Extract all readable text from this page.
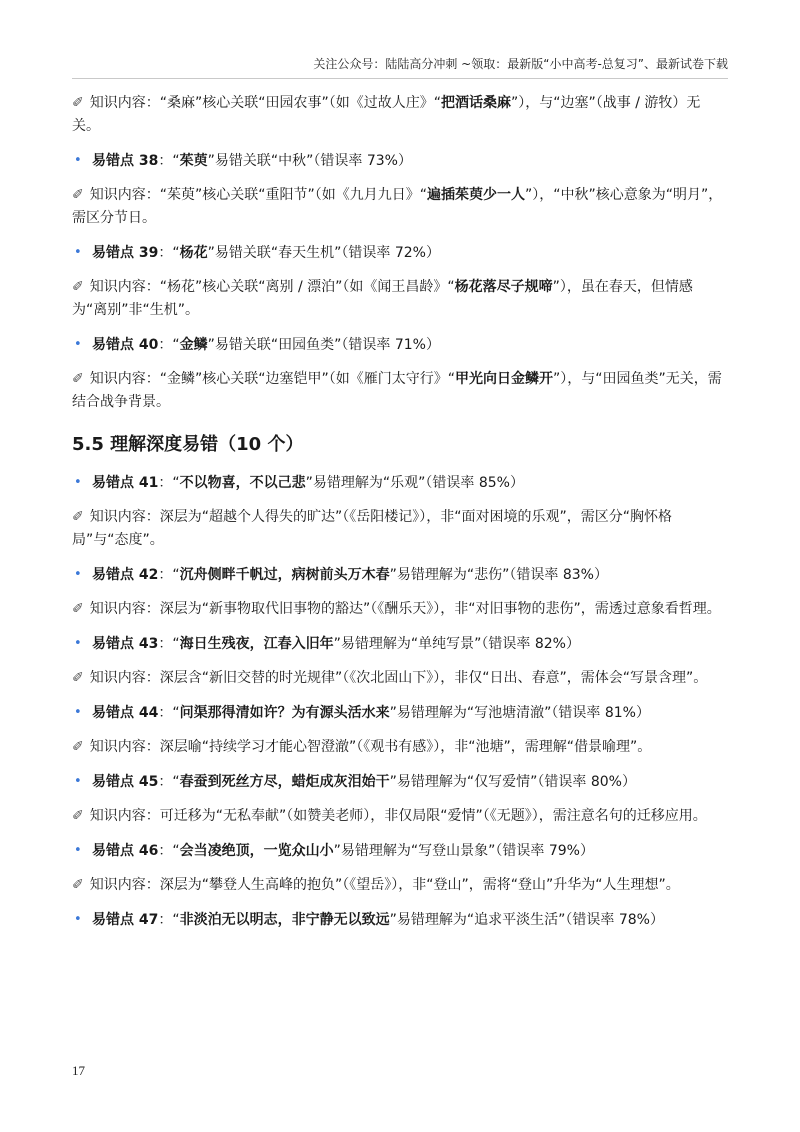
关注公众号：陆陆高分冲刺 ~领取：最新版“小中高考-总复习”、最新试卷下载

✐ 知识内容：“桑麻”核心关联“田园农事”（如《过故人庄》“把酒话桑麻”），与“边塞”（战事 / 游牧）无关。

• 易错点 38：“茱萸”易错关联“中秋”（错误率 73%）

✐ 知识内容：“茱萸”核心关联“重阳节”（如《九月九日》“遍插茱萸少一人”），“中秋”核心意象为“明月”，需区分节日。

• 易错点 39：“杨花”易错关联“春天生机”（错误率 72%）

✐ 知识内容：“杨花”核心关联“离别 / 漂泊”（如《闻王昌龄》“杨花落尽子规啼”），虽在春天，但情感为“离别”非“生机”。

• 易错点 40：“金鳞”易错关联“田园鱼类”（错误率 71%）

✐ 知识内容：“金鳞”核心关联“边塞铠甲”（如《雁门太守行》“甲光向日金鳞开”），与“田园鱼类”无关，需结合战争背景。

5.5 理解深度易错（10 个）
• 易错点 41：“不以物喜，不以己悲”易错理解为“乐观”（错误率 85%）

✐ 知识内容：深层为“超越个人得失的旷达”（《岳阳楼记》），非“面对困境的乐观”，需区分“胸怀格局”与“态度”。

• 易错点 42：“沉舟侧畔千帆过，病树前头万木春”易错理解为“悲伤”（错误率 83%）

✐ 知识内容：深层为“新事物取代旧事物的豁达”（《酬乐天》），非“对旧事物的悲伤”，需透过意象看哲理。

• 易错点 43：“海日生残夜，江春入旧年”易错理解为“单纯写景”（错误率 82%）

✐ 知识内容：深层含“新旧交替的时光规律”（《次北固山下》），非仅“日出、春意”，需体会“写景含理”。

• 易错点 44：“问渠那得清如许？为有源头活水来”易错理解为“写池塘清澈”（错误率 81%）

✐ 知识内容：深层喻“持续学习才能心智澄澈”（《观书有感》），非“池塘”，需理解“借景喻理”。

• 易错点 45：“春蚕到死丝方尽，蜡炬成灰泪始干”易错理解为“仅写爱情”（错误率 80%）

✐ 知识内容：可迁移为“无私奉献”（如赞美老师），非仅局限“爱情”（《无题》），需注意名句的迁移应用。

• 易错点 46：“会当凌绝顶，一览众山小”易错理解为“写登山景象”（错误率 79%）

✐ 知识内容：深层为“攀登人生高峰的抱负”（《望岳》），非“登山”，需将“登山”升华为“人生理想”。

• 易错点 47：“非淡泊无以明志，非宁静无以致远”易错理解为“追求平淡生活”（错误率 78%）
17
